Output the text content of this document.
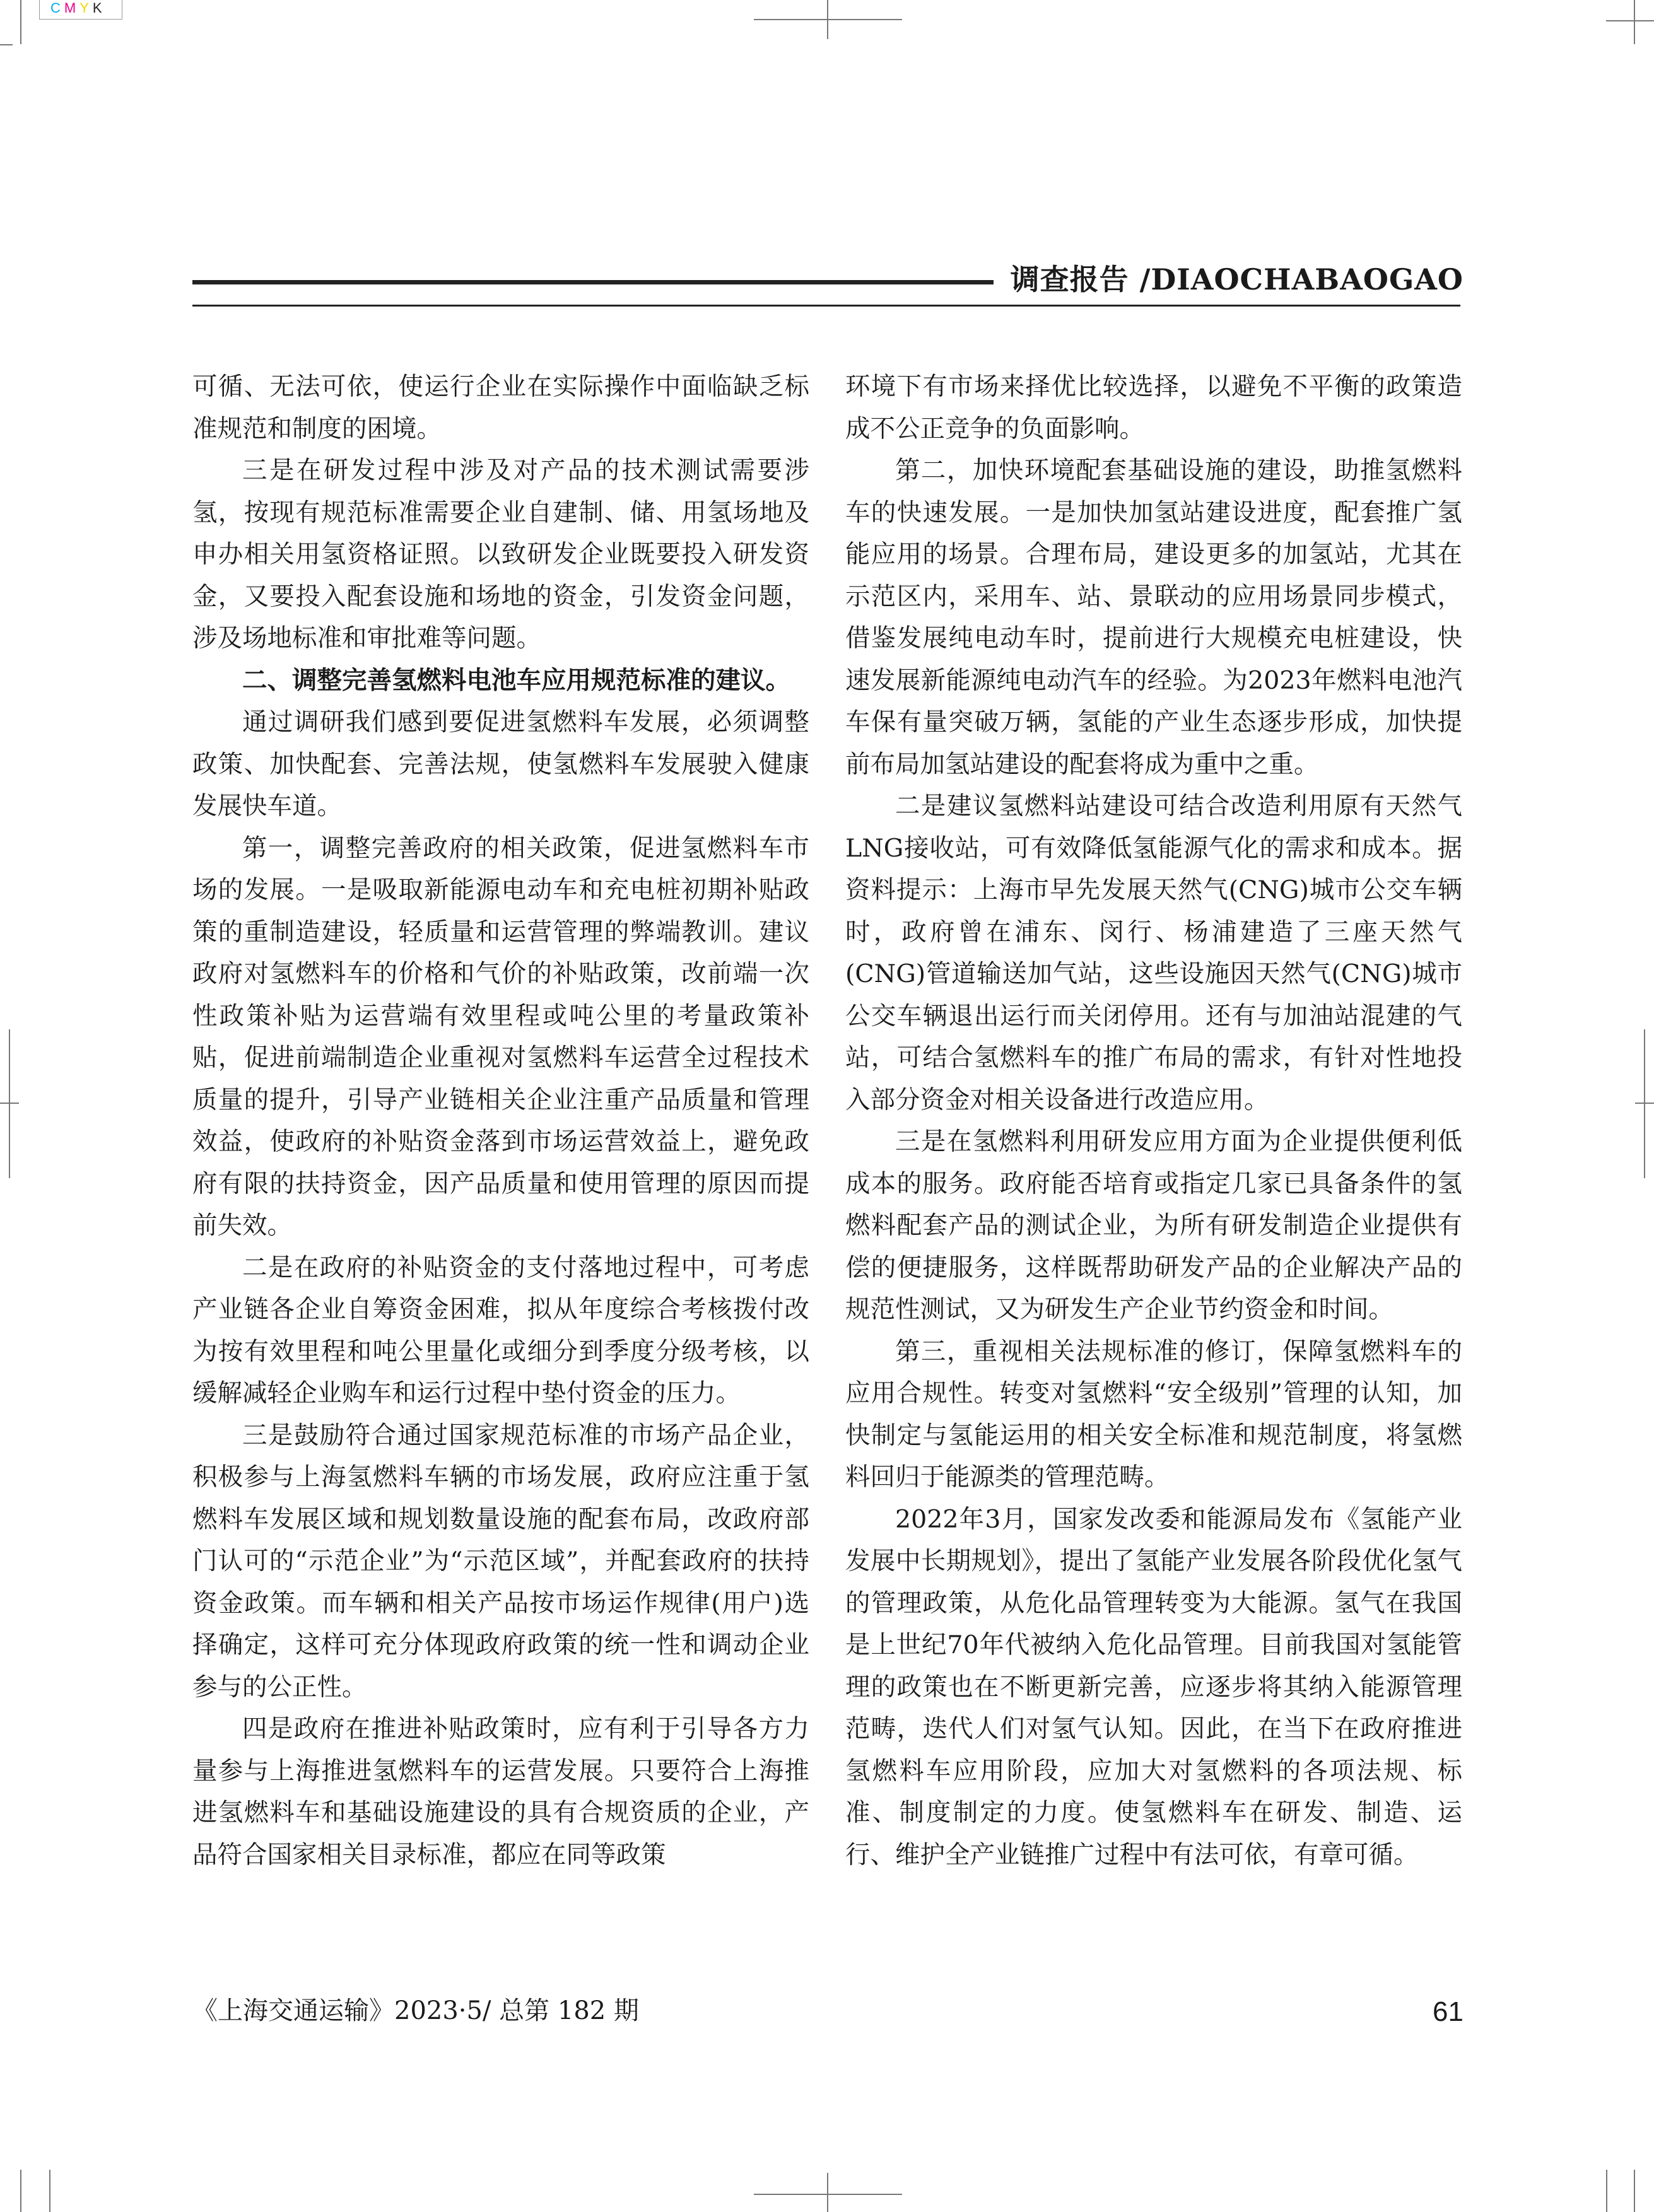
CMYK
调查报告 /DIAOCHABAOGAO

可循、无法可依，使运行企业在实际操作中面临缺乏标准规范和制度的困境。

三是在研发过程中涉及对产品的技术测试需要涉氢，按现有规范标准需要企业自建制、储、用氢场地及申办相关用氢资格证照。以致研发企业既要投入研发资金，又要投入配套设施和场地的资金，引发资金问题，涉及场地标准和审批难等问题。

二、调整完善氢燃料电池车应用规范标准的建议。

通过调研我们感到要促进氢燃料车发展，必须调整政策、加快配套、完善法规，使氢燃料车发展驶入健康发展快车道。

第一，调整完善政府的相关政策，促进氢燃料车市场的发展。一是吸取新能源电动车和充电桩初期补贴政策的重制造建设，轻质量和运营管理的弊端教训。建议政府对氢燃料车的价格和气价的补贴政策，改前端一次性政策补贴为运营端有效里程或吨公里的考量政策补贴，促进前端制造企业重视对氢燃料车运营全过程技术质量的提升，引导产业链相关企业注重产品质量和管理效益，使政府的补贴资金落到市场运营效益上，避免政府有限的扶持资金，因产品质量和使用管理的原因而提前失效。

二是在政府的补贴资金的支付落地过程中，可考虑产业链各企业自筹资金困难，拟从年度综合考核拨付改为按有效里程和吨公里量化或细分到季度分级考核，以缓解减轻企业购车和运行过程中垫付资金的压力。

三是鼓励符合通过国家规范标准的市场产品企业，积极参与上海氢燃料车辆的市场发展，政府应注重于氢燃料车发展区域和规划数量设施的配套布局，改政府部门认可的“示范企业”为“示范区域”，并配套政府的扶持资金政策。而车辆和相关产品按市场运作规律(用户)选择确定，这样可充分体现政府政策的统一性和调动企业参与的公正性。

四是政府在推进补贴政策时，应有利于引导各方力量参与上海推进氢燃料车的运营发展。只要符合上海推进氢燃料车和基础设施建设的具有合规资质的企业，产品符合国家相关目录标准，都应在同等政策

环境下有市场来择优比较选择，以避免不平衡的政策造成不公正竞争的负面影响。

第二，加快环境配套基础设施的建设，助推氢燃料车的快速发展。一是加快加氢站建设进度，配套推广氢能应用的场景。合理布局，建设更多的加氢站，尤其在示范区内，采用车、站、景联动的应用场景同步模式，借鉴发展纯电动车时，提前进行大规模充电桩建设，快速发展新能源纯电动汽车的经验。为2023年燃料电池汽车保有量突破万辆，氢能的产业生态逐步形成，加快提前布局加氢站建设的配套将成为重中之重。

二是建议氢燃料站建设可结合改造利用原有天然气LNG接收站，可有效降低氢能源气化的需求和成本。据资料提示：上海市早先发展天然气(CNG)城市公交车辆时，政府曾在浦东、闵行、杨浦建造了三座天然气(CNG)管道输送加气站，这些设施因天然气(CNG)城市公交车辆退出运行而关闭停用。还有与加油站混建的气站，可结合氢燃料车的推广布局的需求，有针对性地投入部分资金对相关设备进行改造应用。

三是在氢燃料利用研发应用方面为企业提供便利低成本的服务。政府能否培育或指定几家已具备条件的氢燃料配套产品的测试企业，为所有研发制造企业提供有偿的便捷服务，这样既帮助研发产品的企业解决产品的规范性测试，又为研发生产企业节约资金和时间。

第三，重视相关法规标准的修订，保障氢燃料车的应用合规性。转变对氢燃料“安全级别”管理的认知，加快制定与氢能运用的相关安全标准和规范制度，将氢燃料回归于能源类的管理范畴。

2022年3月，国家发改委和能源局发布《氢能产业发展中长期规划》，提出了氢能产业发展各阶段优化氢气的管理政策，从危化品管理转变为大能源。氢气在我国是上世纪70年代被纳入危化品管理。目前我国对氢能管理的政策也在不断更新完善，应逐步将其纳入能源管理范畴，迭代人们对氢气认知。因此，在当下在政府推进氢燃料车应用阶段，应加大对氢燃料的各项法规、标准、制度制定的力度。使氢燃料车在研发、制造、运行、维护全产业链推广过程中有法可依，有章可循。

《上海交通运输》2023·5/ 总第 182 期	61
